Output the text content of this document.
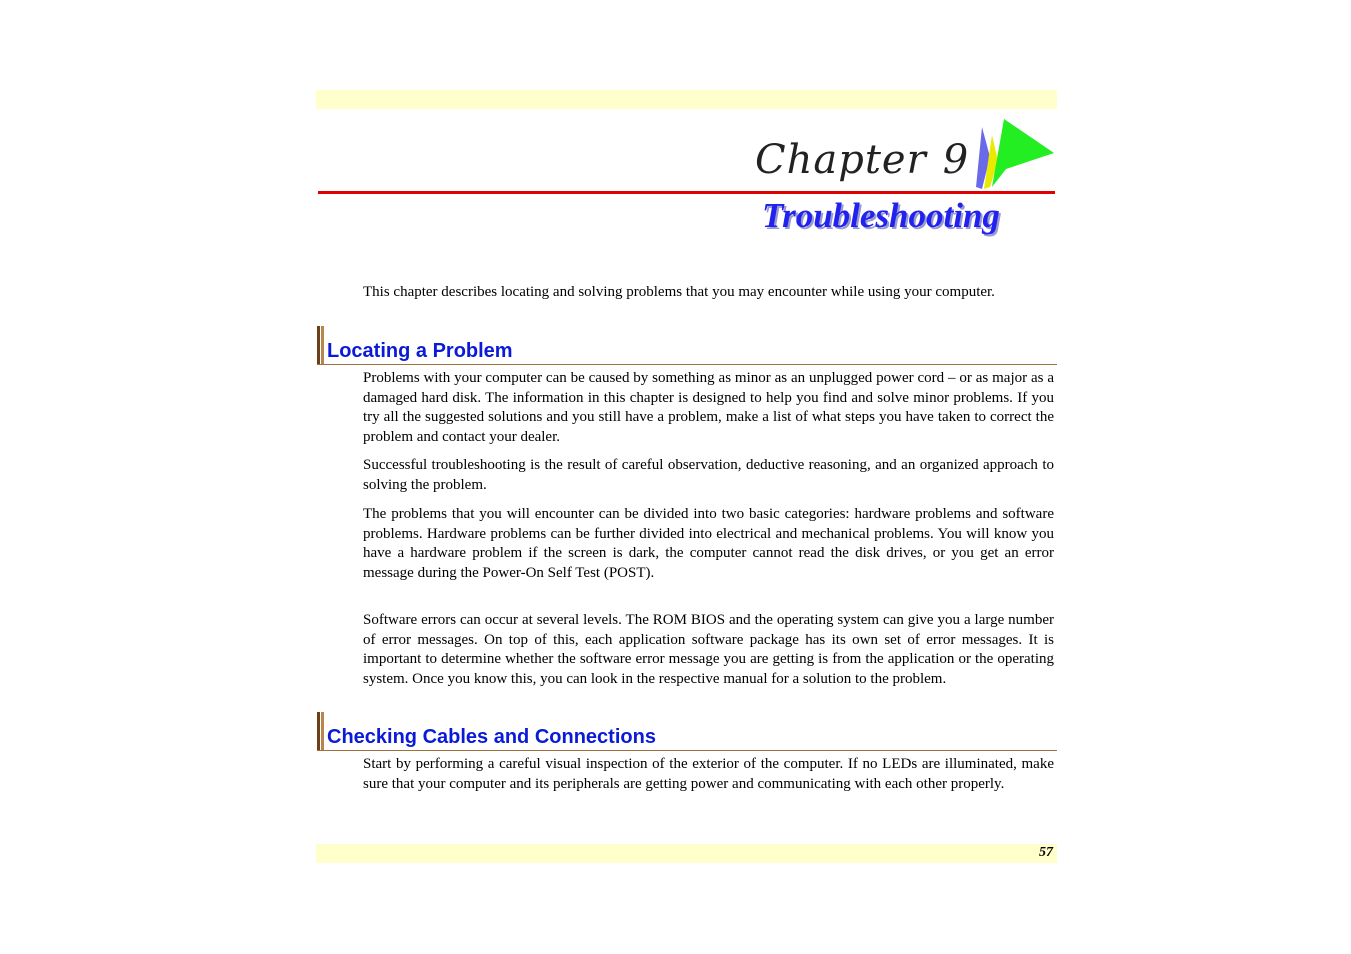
Chapter 9
Troubleshooting

This chapter describes locating and solving problems that you may encounter while using your computer.

Locating a Problem

Problems with your computer can be caused by something as minor as an unplugged power cord – or as major as a damaged hard disk. The information in this chapter is designed to help you find and solve minor problems. If you try all the suggested solutions and you still have a problem, make a list of what steps you have taken to correct the problem and contact your dealer.

Successful troubleshooting is the result of careful observation, deductive reasoning, and an organized approach to solving the problem.

The problems that you will encounter can be divided into two basic categories: hardware problems and software problems. Hardware problems can be further divided into electrical and mechanical problems. You will know you have a hardware problem if the screen is dark, the computer cannot read the disk drives, or you get an error message during the Power-On Self Test (POST).

Software errors can occur at several levels. The ROM BIOS and the operating system can give you a large number of error messages. On top of this, each application software package has its own set of error messages. It is important to determine whether the software error message you are getting is from the application or the operating system. Once you know this, you can look in the respective manual for a solution to the problem.

Checking Cables and Connections

Start by performing a careful visual inspection of the exterior of the computer. If no LEDs are illuminated, make sure that your computer and its peripherals are getting power and communicating with each other properly.

57
